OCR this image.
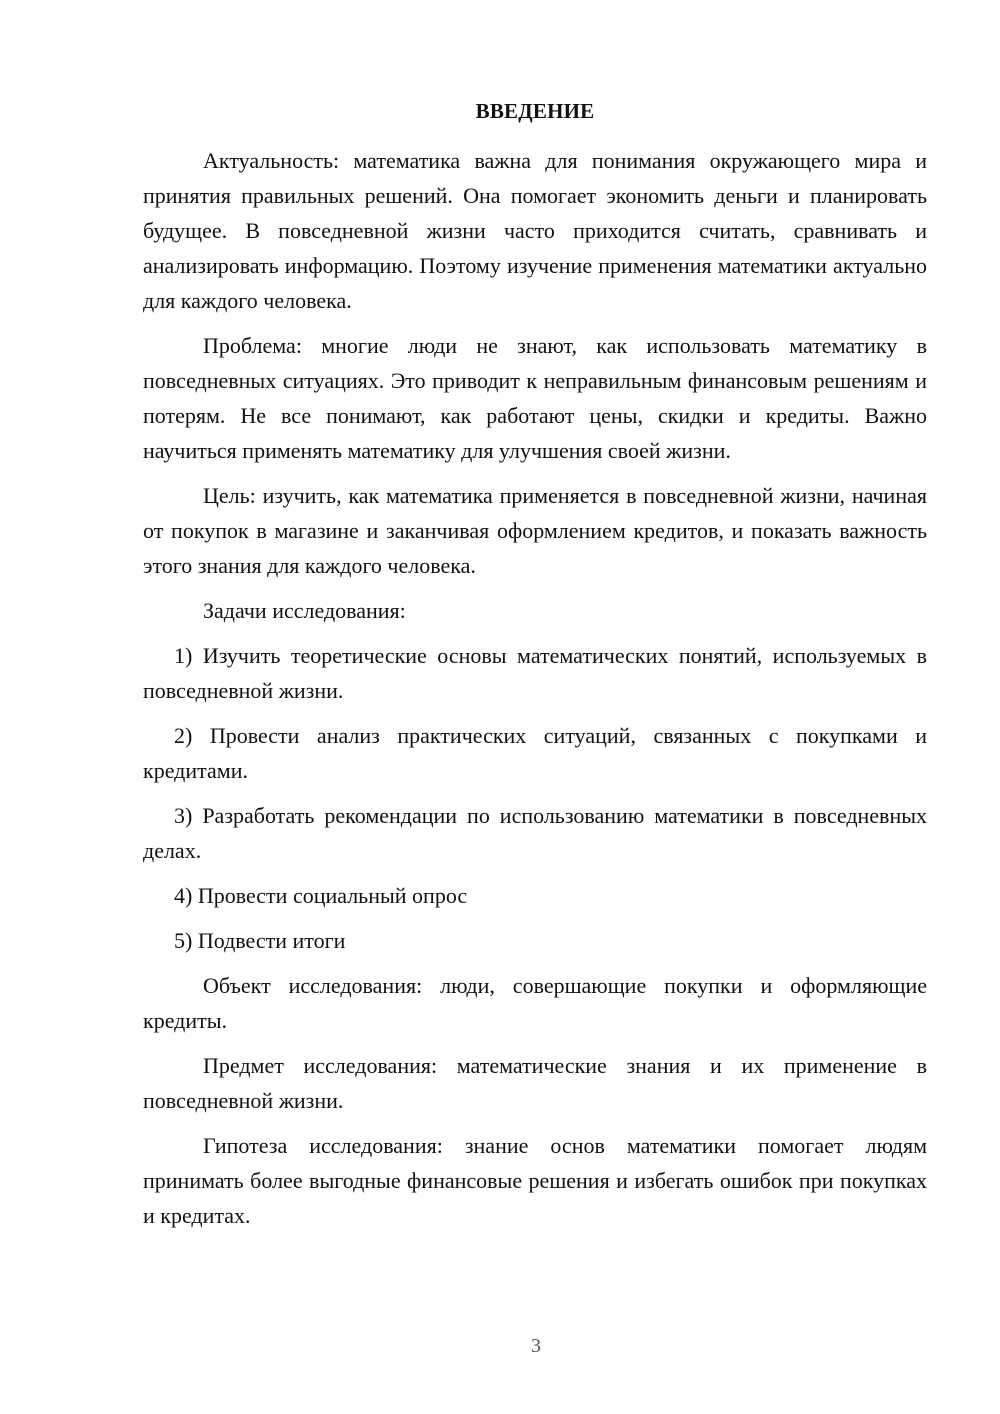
ВВЕДЕНИЕ

Актуальность: математика важна для понимания окружающего мира и принятия правильных решений. Она помогает экономить деньги и планировать будущее. В повседневной жизни часто приходится считать, сравнивать и анализировать информацию. Поэтому изучение применения математики актуально для каждого человека.

Проблема: многие люди не знают, как использовать математику в повседневных ситуациях. Это приводит к неправильным финансовым решениям и потерям. Не все понимают, как работают цены, скидки и кредиты. Важно научиться применять математику для улучшения своей жизни.

Цель: изучить, как математика применяется в повседневной жизни, начиная от покупок в магазине и заканчивая оформлением кредитов, и показать важность этого знания для каждого человека.

Задачи исследования:

1) Изучить теоретические основы математических понятий, используемых в повседневной жизни.

2) Провести анализ практических ситуаций, связанных с покупками и кредитами.

3) Разработать рекомендации по использованию математики в повседневных делах.

4) Провести социальный опрос

5) Подвести итоги

Объект исследования: люди, совершающие покупки и оформляющие кредиты.

Предмет исследования: математические знания и их применение в повседневной жизни.

Гипотеза исследования: знание основ математики помогает людям принимать более выгодные финансовые решения и избегать ошибок при покупках и кредитах.

3
